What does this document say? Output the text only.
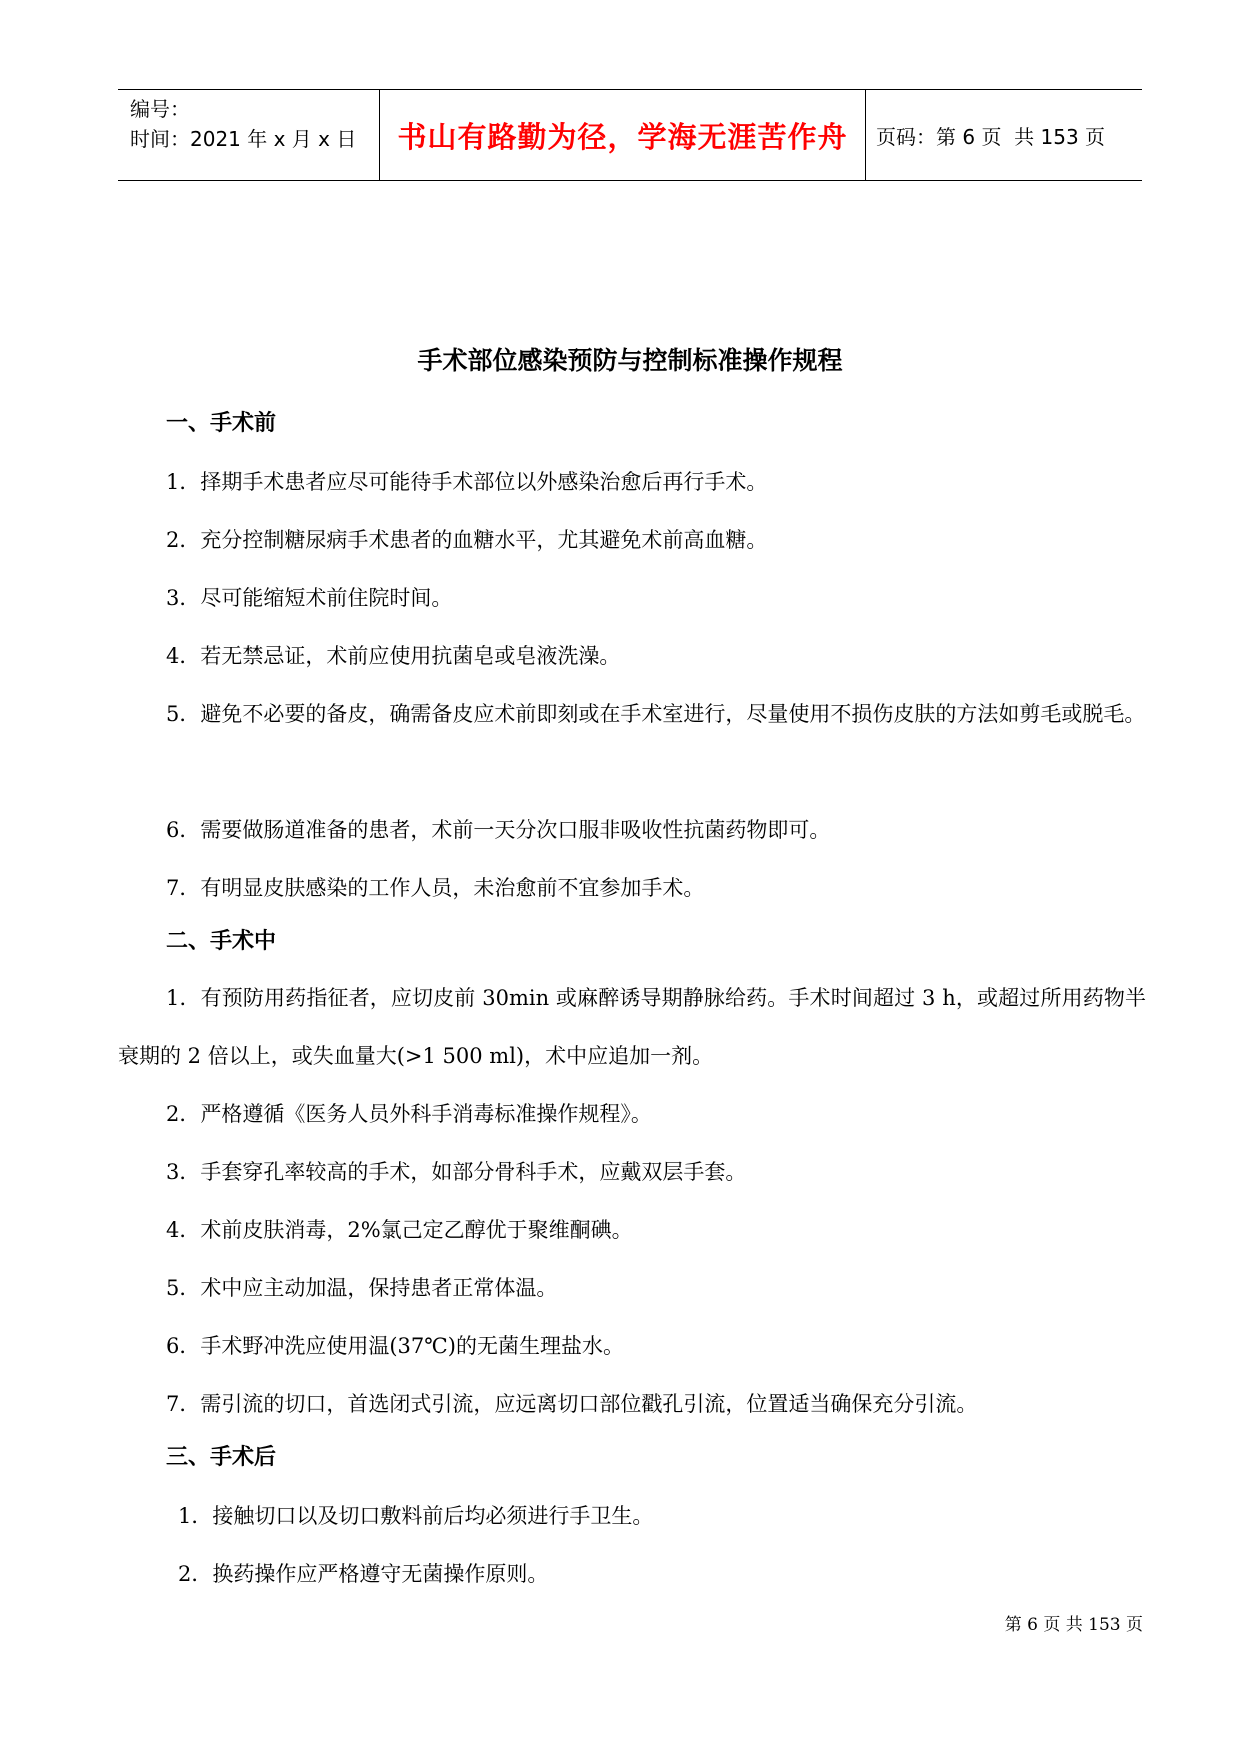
编号：
时间：2021 年 x 月 x 日	书山有路勤为径，学海无涯苦作舟	页码：第 6 页  共 153 页
手术部位感染预防与控制标准操作规程
一、手术前
1．择期手术患者应尽可能待手术部位以外感染治愈后再行手术。
2．充分控制糖尿病手术患者的血糖水平，尤其避免术前高血糖。
3．尽可能缩短术前住院时间。
4．若无禁忌证，术前应使用抗菌皂或皂液洗澡。
5．避免不必要的备皮，确需备皮应术前即刻或在手术室进行，尽量使用不损伤皮肤的方法如剪毛或脱毛。
6．需要做肠道准备的患者，术前一天分次口服非吸收性抗菌药物即可。
7．有明显皮肤感染的工作人员，未治愈前不宜参加手术。
二、手术中
1．有预防用药指征者，应切皮前 30min 或麻醉诱导期静脉给药。手术时间超过 3 h，或超过所用药物半衰期的 2 倍以上，或失血量大(>1 500 ml)，术中应追加一剂。
2．严格遵循《医务人员外科手消毒标准操作规程》。
3．手套穿孔率较高的手术，如部分骨科手术，应戴双层手套。
4．术前皮肤消毒，2%氯己定乙醇优于聚维酮碘。
5．术中应主动加温，保持患者正常体温。
6．手术野冲洗应使用温(37℃)的无菌生理盐水。
7．需引流的切口，首选闭式引流，应远离切口部位戳孔引流，位置适当确保充分引流。
三、手术后
1．接触切口以及切口敷料前后均必须进行手卫生。
2．换药操作应严格遵守无菌操作原则。
第 6 页 共 153 页
